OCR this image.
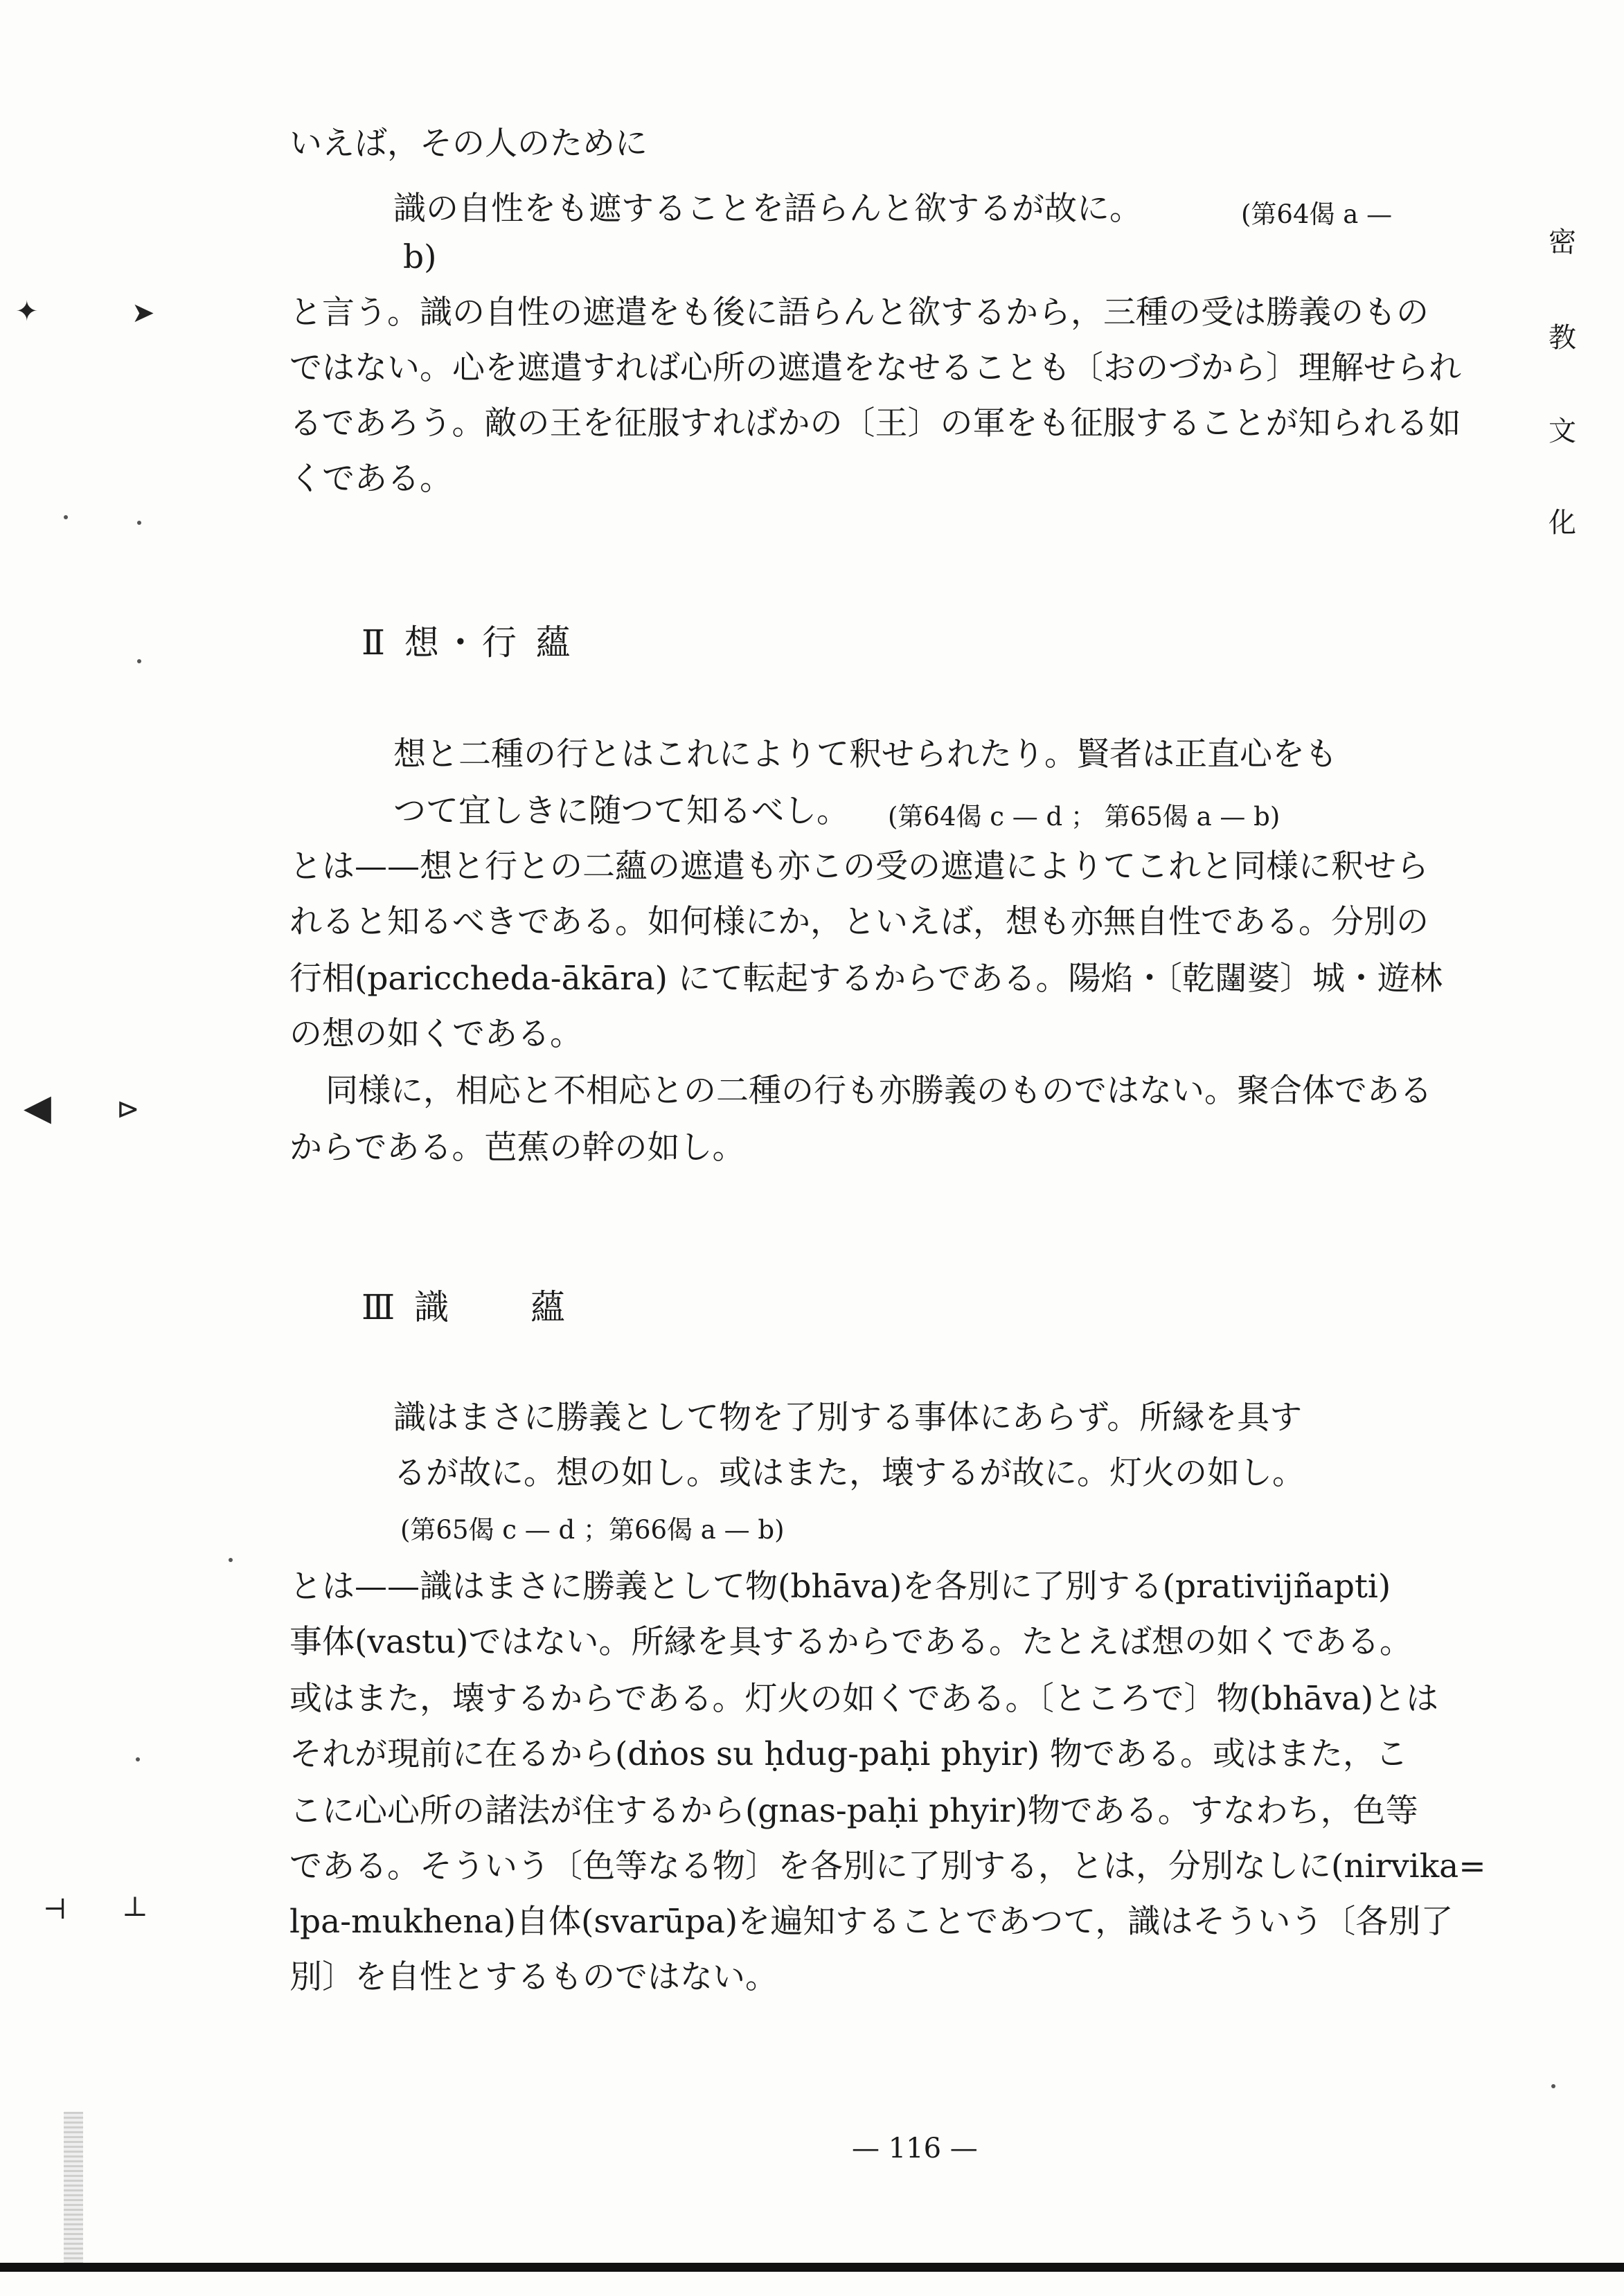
密
教
文
化
いえば，その人のために
識の自性をも遮することを語らんと欲するが故に。	(第64偈 a —
b)
と言う。識の自性の遮遣をも後に語らんと欲するから，三種の受は勝義のもの
ではない。心を遮遣すれば心所の遮遣をなせることも〔おのづから〕理解せられ
るであろう。敵の王を征服すればかの〔王〕の軍をも征服することが知られる如
くである。
Ⅱ 想・行 蘊
想と二種の行とはこれによりて釈せられたり。賢者は正直心をも
つて宜しきに随つて知るべし。 (第64偈 c — d ； 第65偈 a — b)
とは——想と行との二蘊の遮遣も亦この受の遮遣によりてこれと同様に釈せら
れると知るべきである。如何様にか，といえば，想も亦無自性である。分別の
行相(pariccheda-ākāra) にて転起するからである。陽焰・〔乾闥婆〕城・遊林
の想の如くである。
同様に，相応と不相応との二種の行も亦勝義のものではない。聚合体である
からである。芭蕉の幹の如し。
Ⅲ 識　　蘊
識はまさに勝義として物を了別する事体にあらず。所縁を具す
るが故に。想の如し。或はまた，壊するが故に。灯火の如し。
(第65偈 c — d ；第66偈 a — b)
とは——識はまさに勝義として物(bhāva)を各別に了別する(prativijñapti)
事体(vastu)ではない。所縁を具するからである。たとえば想の如くである。
或はまた，壊するからである。灯火の如くである。〔ところで〕物(bhāva)とは
それが現前に在るから(dṅos su ḥdug-paḥi phyir) 物である。或はまた，こ
こに心心所の諸法が住するから(gnas-paḥi phyir)物である。すなわち，色等
である。そういう〔色等なる物〕を各別に了別する，とは，分別なしに(nirvika=
lpa-mukhena)自体(svarūpa)を遍知することであつて，識はそういう〔各別了
別〕を自性とするものではない。
— 116 —
✦	➤
◀ ⊳
⊣ ⊥
